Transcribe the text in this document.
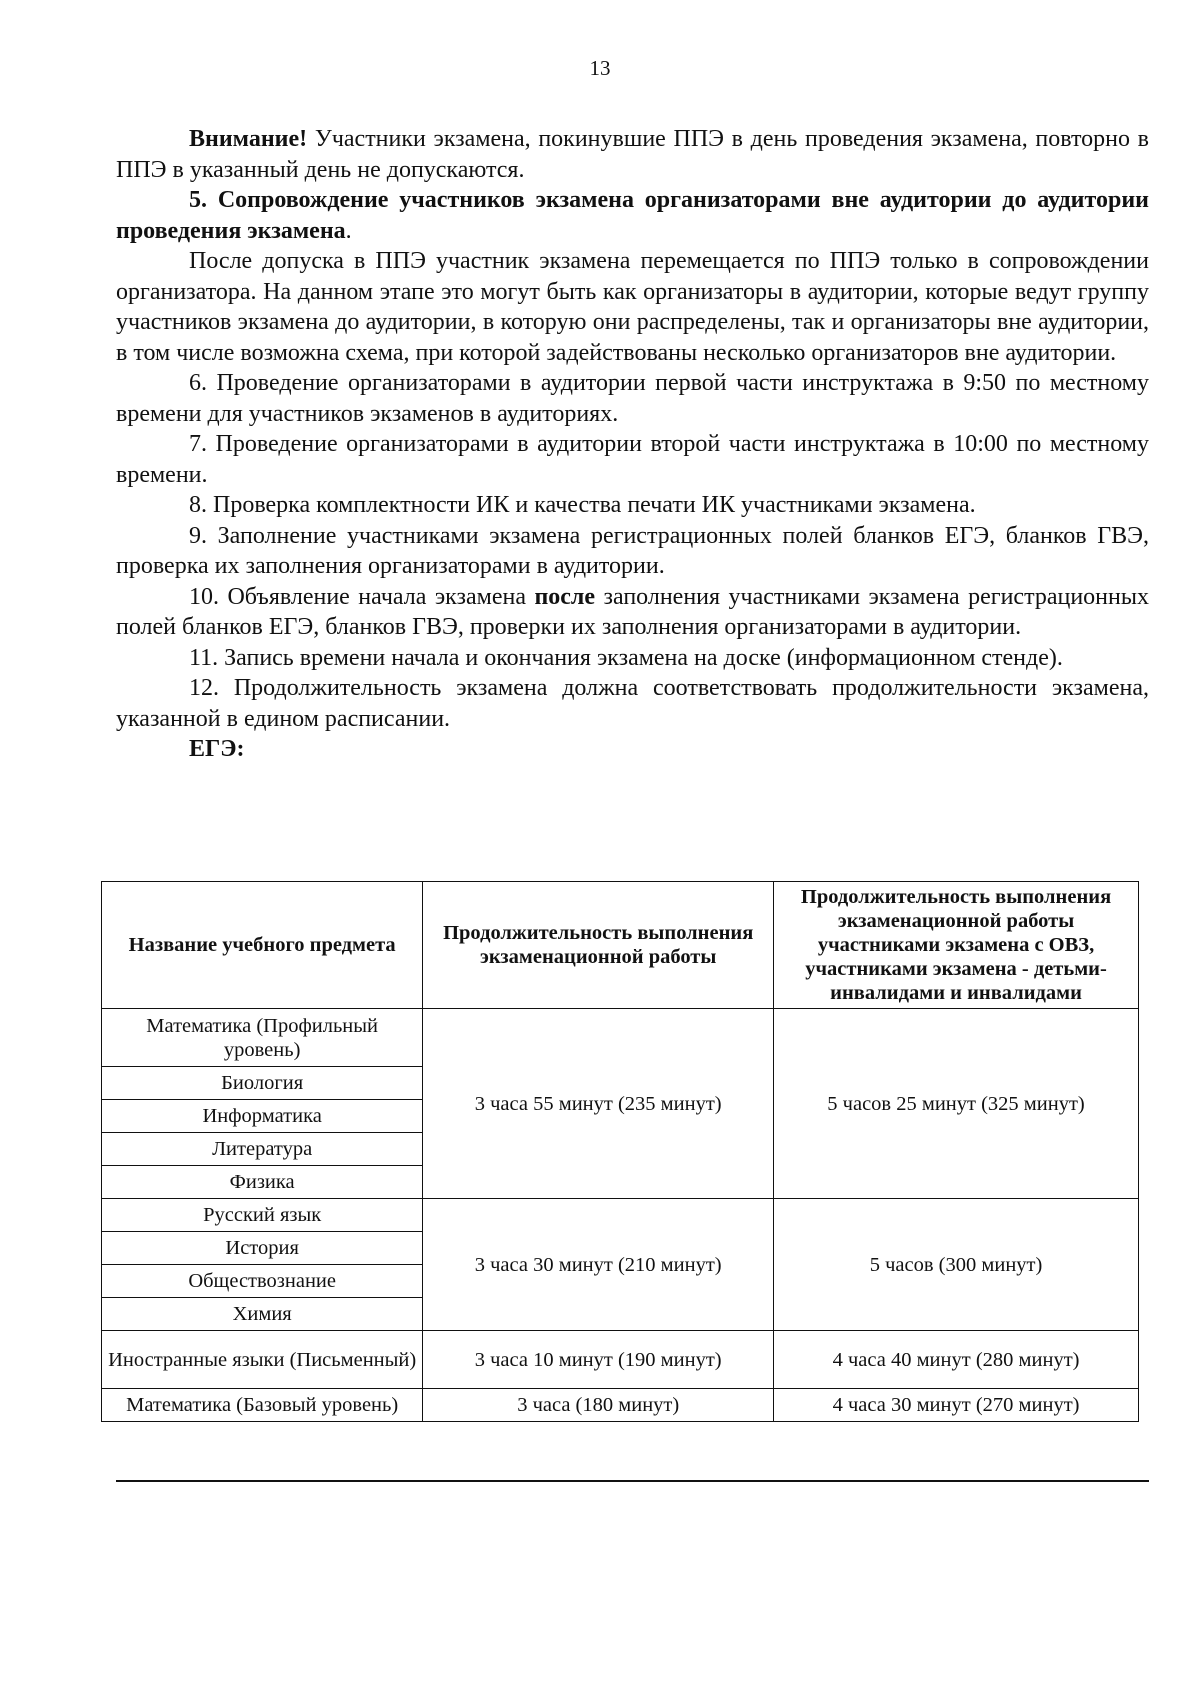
13

Внимание! Участники экзамена, покинувшие ППЭ в день проведения экзамена, повторно в ППЭ в указанный день не допускаются.

5. Сопровождение участников экзамена организаторами вне аудитории до аудитории проведения экзамена.

После допуска в ППЭ участник экзамена перемещается по ППЭ только в сопровождении организатора. На данном этапе это могут быть как организаторы в аудитории, которые ведут группу участников экзамена до аудитории, в которую они распределены, так и организаторы вне аудитории, в том числе возможна схема, при которой задействованы несколько организаторов вне аудитории.

6. Проведение организаторами в аудитории первой части инструктажа в 9:50 по местному времени для участников экзаменов в аудиториях.

7. Проведение организаторами в аудитории второй части инструктажа в 10:00 по местному времени.

8. Проверка комплектности ИК и качества печати ИК участниками экзамена.

9. Заполнение участниками экзамена регистрационных полей бланков ЕГЭ, бланков ГВЭ, проверка их заполнения организаторами в аудитории.

10. Объявление начала экзамена после заполнения участниками экзамена регистрационных полей бланков ЕГЭ, бланков ГВЭ, проверки их заполнения организаторами в аудитории.

11. Запись времени начала и окончания экзамена на доске (информационном стенде).

12. Продолжительность экзамена должна соответствовать продолжительности экзамена, указанной в едином расписании.

ЕГЭ:

Название учебного предмета	Продолжительность выполнения экзаменационной работы	Продолжительность выполнения экзаменационной работы участниками экзамена с ОВЗ, участниками экзамена - детьми-инвалидами и инвалидами
Математика (Профильный уровень)	3 часа 55 минут (235 минут)	5 часов 25 минут (325 минут)
Биология		
Информатика		
Литература		
Физика		
Русский язык	3 часа 30 минут (210 минут)	5 часов (300 минут)
История		
Обществознание		
Химия		
Иностранные языки (Письменный)	3 часа 10 минут (190 минут)	4 часа 40 минут (280 минут)
Математика (Базовый уровень)	3 часа (180 минут)	4 часа 30 минут (270 минут)
